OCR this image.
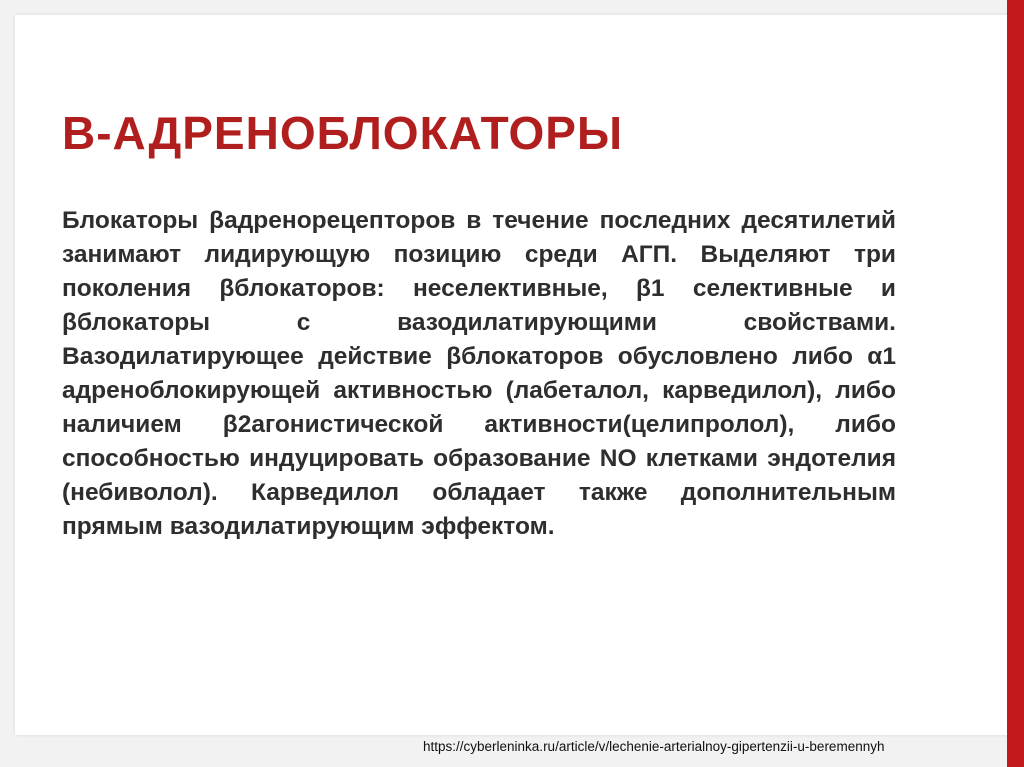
Β-АДРЕНОБЛОКАТОРЫ

Блокаторы βадренорецепторов в течение последних десятилетий занимают лидирующую позицию среди АГП. Выделяют три поколения βблокаторов: неселективные, β1 селективные и βблокаторы с вазодилатирующими свойствами. Вазодилатирующее действие βблокаторов обусловлено либо α1 адреноблокирующей активностью (лабеталол, карведилол), либо наличием β2агонистической активности(целипролол), либо способностью индуцировать образование NO клетками эндотелия (небиволол). Карведилол обладает также дополнительным прямым вазодилатирующим эффектом.

https://cyberleninka.ru/article/v/lechenie-arterialnoy-gipertenzii-u-beremennyh
